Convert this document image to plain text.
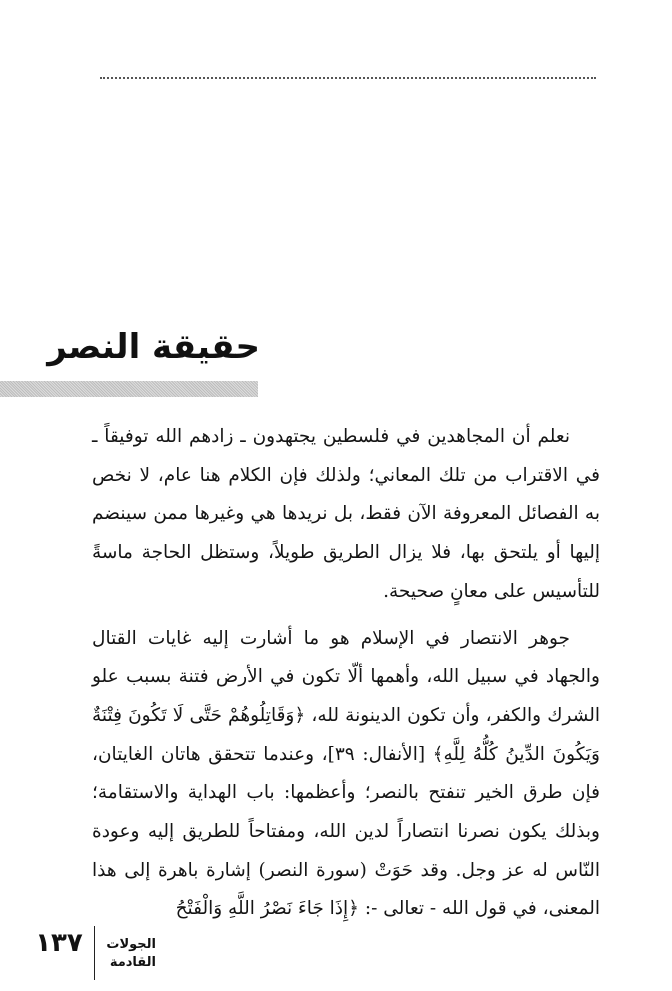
حقيقة النصر

نعلم أن المجاهدين في فلسطين يجتهدون ـ زادهم الله توفيقاً ـ في الاقتراب من تلك المعاني؛ ولذلك فإن الكلام هنا عام، لا نخص به الفصائل المعروفة الآن فقط، بل نريدها هي وغيرها ممن سينضم إليها أو يلتحق بها، فلا يزال الطريق طويلاً، وستظل الحاجة ماسةً للتأسيس على معانٍ صحيحة.

جوهر الانتصار في الإسلام هو ما أشارت إليه غايات القتال والجهاد في سبيل الله، وأهمها ألّا تكون في الأرض فتنة بسبب علو الشرك والكفر، وأن تكون الدينونة لله، ﴿وَقَاتِلُوهُمْ حَتَّى لَا تَكُونَ فِتْنَةٌ وَيَكُونَ الدِّينُ كُلُّهُ لِلَّهِ﴾ [الأنفال: ٣٩]، وعندما تتحقق هاتان الغايتان، فإن طرق الخير تنفتح بالنصر؛ وأعظمها: باب الهداية والاستقامة؛ وبذلك يكون نصرنا انتصاراً لدين الله، ومفتاحاً للطريق إليه وعودة النّاس له عز وجل. وقد حَوَتْ (سورة النصر) إشارة باهرة إلى هذا المعنى، في قول الله - تعالى -: ﴿إِذَا جَاءَ نَصْرُ اللَّهِ وَالْفَتْحُ

١٣٧	الجولات
القادمة
